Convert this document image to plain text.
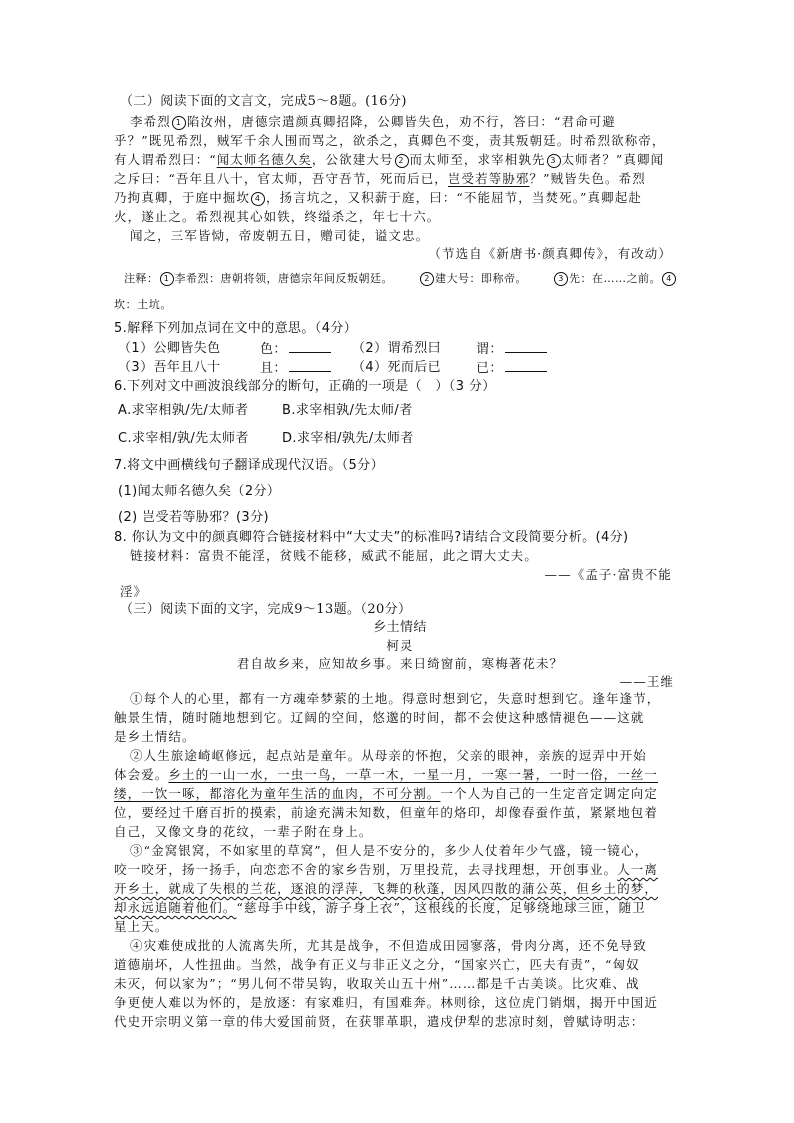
（二）阅读下面的文言文，完成5～8题。(16分)
李希烈 1 陷汝州，唐德宗遣颜真卿招降，公卿皆失色，劝不行，答曰：“君命可避
乎？”既见希烈，贼军千余人围而骂之，欲杀之，真卿色不变，责其叛朝廷。时希烈欲称帝，
有人谓希烈曰：“闻太师名德久矣，公欲建大号 2 而太师至，求宰相孰先 3 太师者？”真卿闻
之斥曰：“吾年且八十，官太师，吾守吾节，死而后已，岂受若等胁邪？”贼皆失色。希烈
乃拘真卿，于庭中掘坎 4 ，扬言坑之，又积薪于庭，曰：“不能屈节，当焚死。”真卿起赴
火，遂止之。希烈视其心如铁，终缢杀之，年七十六。
闻之，三军皆恸，帝废朝五日，赠司徒，谥文忠。
（节选自《新唐书·颜真卿传》，有改动）
注释： 1 李希烈：唐朝将领，唐德宗年间反叛朝廷。	2 建大号：即称帝。	3 先：在……之前。 4
坎：土坑。
5.解释下列加点词在文中的意思。（4分）
（1）公卿皆失色	色：	（2）谓希烈曰	谓：
（3）吾年且八十	且：	（4）死而后已	已：
6.下列对文中画波浪线部分的断句，正确的一项是（　）（3 分）
A.求宰相孰/先/太师者	B.求宰相孰/先太师/者
C.求宰相/孰/先太师者	D.求宰相/孰先/太师者
7.将文中画横线句子翻译成现代汉语。（5分）
(1)闻太师名德久矣（2分）
(2) 岂受若等胁邪？(3分)
8. 你认为文中的颜真卿符合链接材料中“大丈夫”的标准吗?请结合文段简要分析。(4分)
链接材料：富贵不能淫，贫贱不能移，威武不能屈，此之谓大丈夫。
——《孟子·富贵不能
淫》
（三）阅读下面的文字，完成9～13题。（20分）
乡土情结
柯灵
君自故乡来，应知故乡事。来日绮窗前，寒梅著花未？
——王维
①每个人的心里，都有一方魂牵梦萦的土地。得意时想到它，失意时想到它。逢年逢节，
触景生情，随时随地想到它。辽阔的空间，悠邈的时间，都不会使这种感情褪色——这就
是乡土情结。
②人生旅途崎岖修远，起点站是童年。从母亲的怀抱，父亲的眼神，亲族的逗弄中开始
体会爱。乡土的一山一水，一虫一鸟，一草一木，一星一月，一寒一暑，一时一俗，一丝一
缕，一饮一啄，都溶化为童年生活的血肉，不可分割。一个人为自己的一生定音定调定向定
位，要经过千磨百折的摸索，前途充满未知数，但童年的烙印，却像春蚕作茧，紧紧地包着
自己，又像文身的花纹，一辈子附在身上。
③“金窝银窝，不如家里的草窝”，但人是不安分的，多少人仗着年少气盛，镜一镜心，
咬一咬牙，扬一扬手，向恋恋不舍的家乡告别，万里投荒，去寻找理想，开创事业。人一离
开乡土，就成了失根的兰花，逐浪的浮萍，飞舞的秋蓬，因风四散的蒲公英，但乡土的梦，
却永远追随着他们。“慈母手中线，游子身上衣”，这根线的长度，足够绕地球三匝，随卫
星上天。
④灾难使成批的人流离失所，尤其是战争，不但造成田园寥落，骨肉分离，还不免导致
道德崩坏，人性扭曲。当然，战争有正义与非正义之分，“国家兴亡，匹夫有责”，“匈奴
未灭，何以家为”；“男儿何不带吴钩，收取关山五十州”……都是千古美谈。比灾难、战
争更使人难以为怀的，是放逐：有家难归，有国难奔。林则徐，这位虎门销烟，揭开中国近
代史开宗明义第一章的伟大爱国前贤，在获罪革职，遣戍伊犁的悲凉时刻，曾赋诗明志：
